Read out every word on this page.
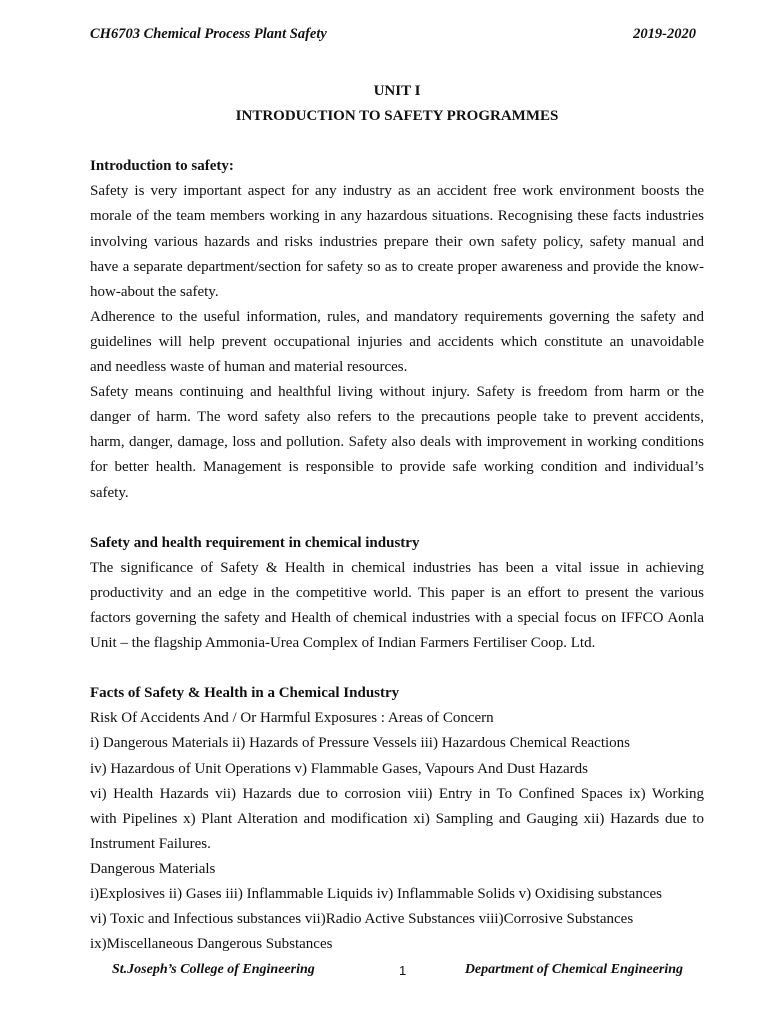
CH6703 Chemical Process Plant Safety	2019-2020
UNIT I
INTRODUCTION TO SAFETY PROGRAMMES
Introduction to safety:
Safety is very important aspect for any industry as an accident free work environment boosts the
morale of the team members working in any hazardous situations. Recognising these facts industries
involving various hazards and risks industries prepare their own safety policy, safety manual and
have a separate department/section for safety so as to create proper awareness and provide the know-
how-about the safety.
Adherence to the useful information, rules, and mandatory requirements governing the safety and
guidelines will help prevent occupational injuries and accidents which constitute an unavoidable
and needless waste of human and material resources.
Safety means continuing and healthful living without injury. Safety is freedom from harm or the
danger of harm. The word safety also refers to the precautions people take to prevent accidents,
harm, danger, damage, loss and pollution. Safety also deals with improvement in working conditions
for better health. Management is responsible to provide safe working condition and individual’s
safety.
Safety and health requirement in chemical industry
The significance of Safety & Health in chemical industries has been a vital issue in achieving
productivity and an edge in the competitive world. This paper is an effort to present the various
factors governing the safety and Health of chemical industries with a special focus on IFFCO Aonla
Unit – the flagship Ammonia-Urea Complex of Indian Farmers Fertiliser Coop. Ltd.
Facts of Safety & Health in a Chemical Industry
Risk Of Accidents And / Or Harmful Exposures : Areas of Concern
i) Dangerous Materials ii) Hazards of Pressure Vessels iii) Hazardous Chemical Reactions
iv) Hazardous of Unit Operations v) Flammable Gases, Vapours And Dust Hazards
vi) Health Hazards vii) Hazards due to corrosion viii) Entry in To Confined Spaces ix) Working
with Pipelines x) Plant Alteration and modification xi) Sampling and Gauging xii) Hazards due to
Instrument Failures.
Dangerous Materials
i)Explosives ii) Gases iii) Inflammable Liquids iv) Inflammable Solids v) Oxidising substances
vi) Toxic and Infectious substances vii)Radio Active Substances viii)Corrosive Substances
ix)Miscellaneous Dangerous Substances
St.Joseph’s College of Engineering	1	Department of Chemical Engineering
